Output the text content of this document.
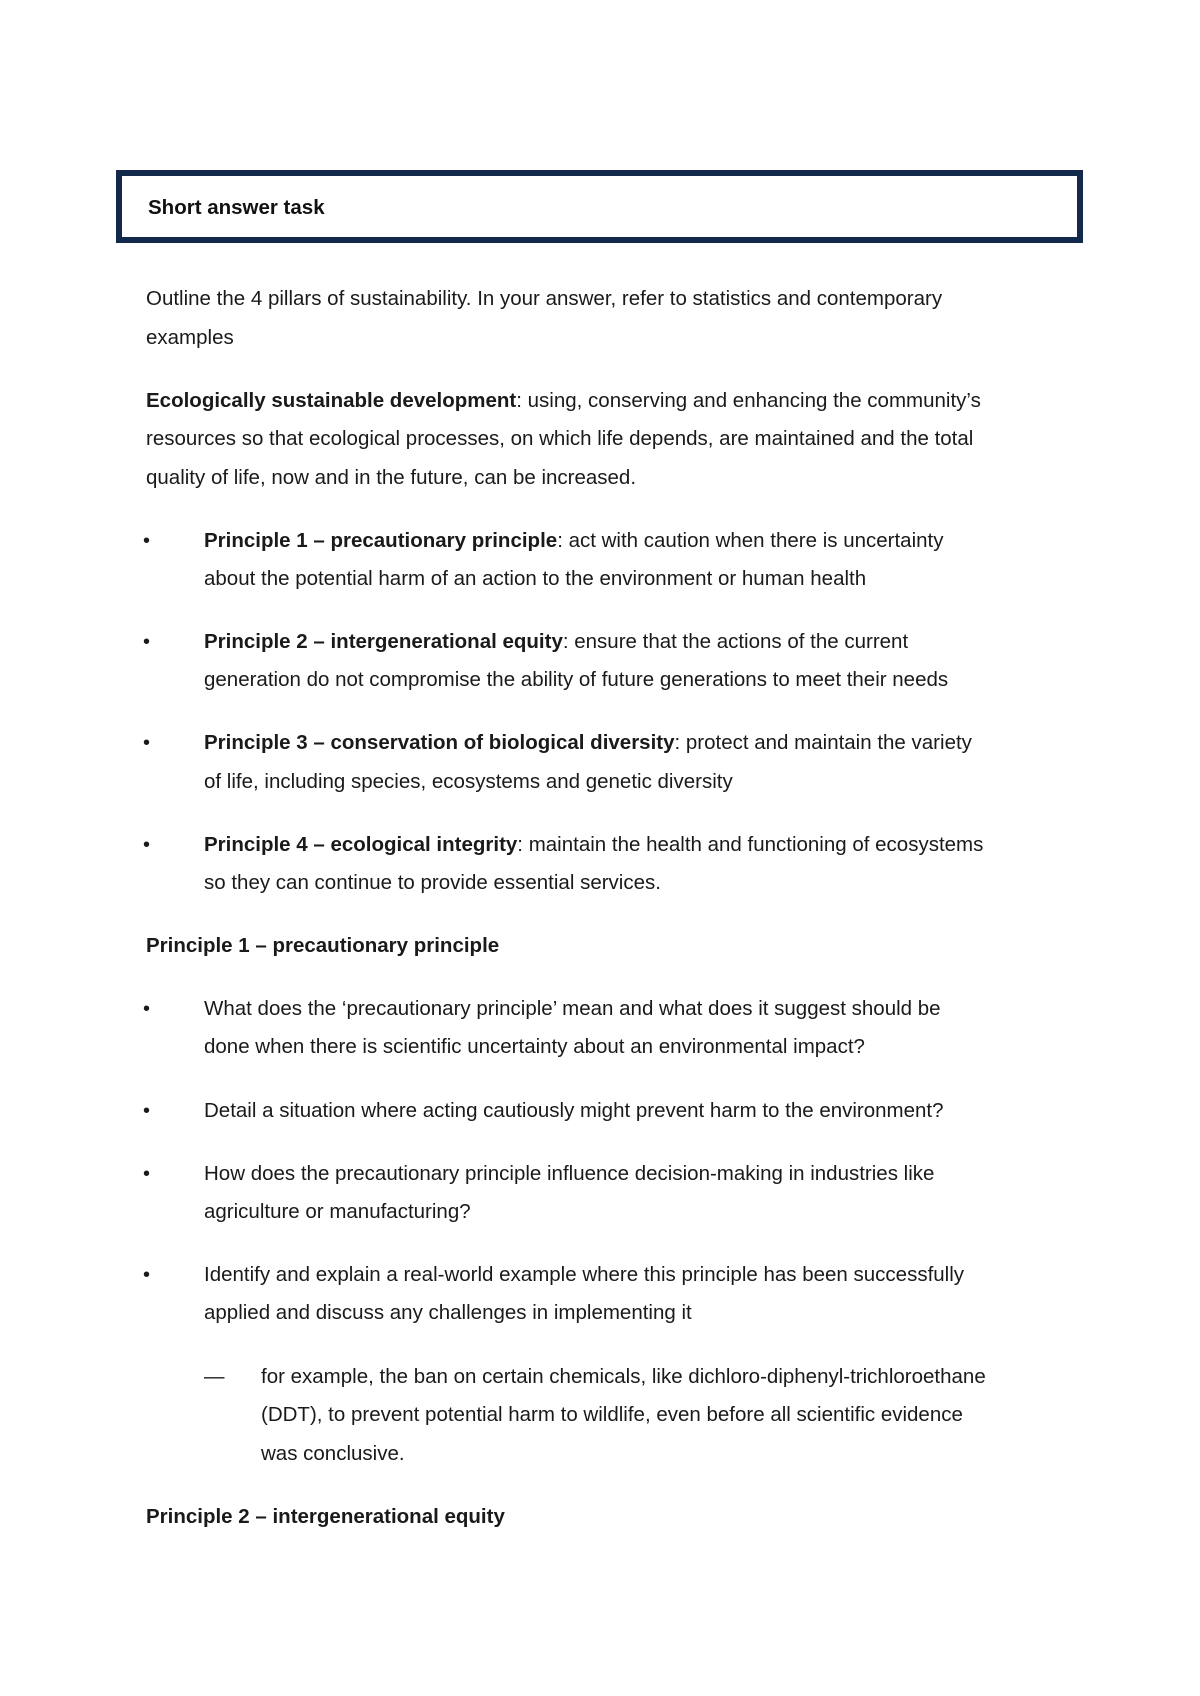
Short answer task
Outline the 4 pillars of sustainability. In your answer, refer to statistics and contemporary
examples
Ecologically sustainable development: using, conserving and enhancing the community’s
resources so that ecological processes, on which life depends, are maintained and the total
quality of life, now and in the future, can be increased.
•	Principle 1 – precautionary principle: act with caution when there is uncertainty
about the potential harm of an action to the environment or human health
•	Principle 2 – intergenerational equity: ensure that the actions of the current
generation do not compromise the ability of future generations to meet their needs
•	Principle 3 – conservation of biological diversity: protect and maintain the variety
of life, including species, ecosystems and genetic diversity
•	Principle 4 – ecological integrity: maintain the health and functioning of ecosystems
so they can continue to provide essential services.
Principle 1 – precautionary principle
•	What does the ‘precautionary principle’ mean and what does it suggest should be
done when there is scientific uncertainty about an environmental impact?
•	Detail a situation where acting cautiously might prevent harm to the environment?
•	How does the precautionary principle influence decision-making in industries like
agriculture or manufacturing?
•	Identify and explain a real-world example where this principle has been successfully
applied and discuss any challenges in implementing it
— for example, the ban on certain chemicals, like dichloro-diphenyl-trichloroethane
(DDT), to prevent potential harm to wildlife, even before all scientific evidence
was conclusive.
Principle 2 – intergenerational equity
